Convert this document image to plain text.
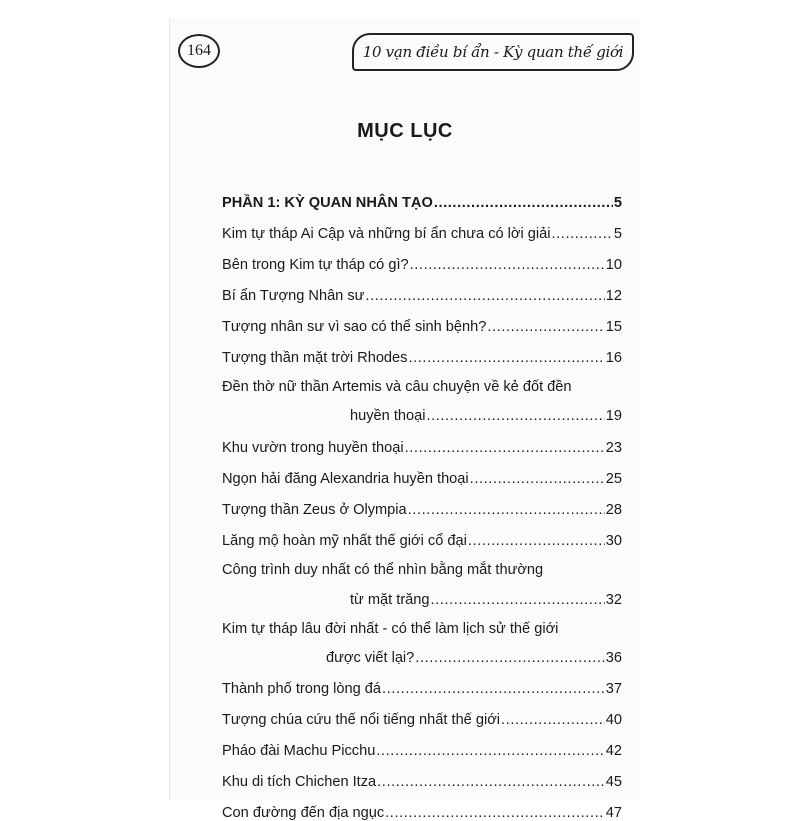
164	10 vạn điều bí ẩn - Kỳ quan thế giới
MỤC LỤC
PHẦN 1: KỲ QUAN NHÂN TẠO .....	5
Kim tự tháp Ai Cập và những bí ẩn chưa có lời giải .....	5
Bên trong Kim tự tháp có gì? .....	10
Bí ẩn Tượng Nhân sư .....	12
Tượng nhân sư vì sao có thể sinh bệnh? .....	15
Tượng thần mặt trời Rhodes .....	16
Đền thờ nữ thần Artemis và câu chuyện về kẻ đốt đền
huyền thoại .....	19
Khu vườn trong huyền thoại .....	23
Ngọn hải đăng Alexandria huyền thoại .....	25
Tượng thần Zeus ở Olympia .....	28
Lăng mộ hoàn mỹ nhất thế giới cổ đại .....	30
Công trình duy nhất có thể nhìn bằng mắt thường
từ mặt trăng .....	32
Kim tự tháp lâu đời nhất - có thể làm lịch sử thế giới
được viết lại? .....	36
Thành phố trong lòng đá .....	37
Tượng chúa cứu thế nổi tiếng nhất thế giới .....	40
Pháo đài Machu Picchu .....	42
Khu di tích Chichen Itza .....	45
Con đường đến địa ngục .....	47
